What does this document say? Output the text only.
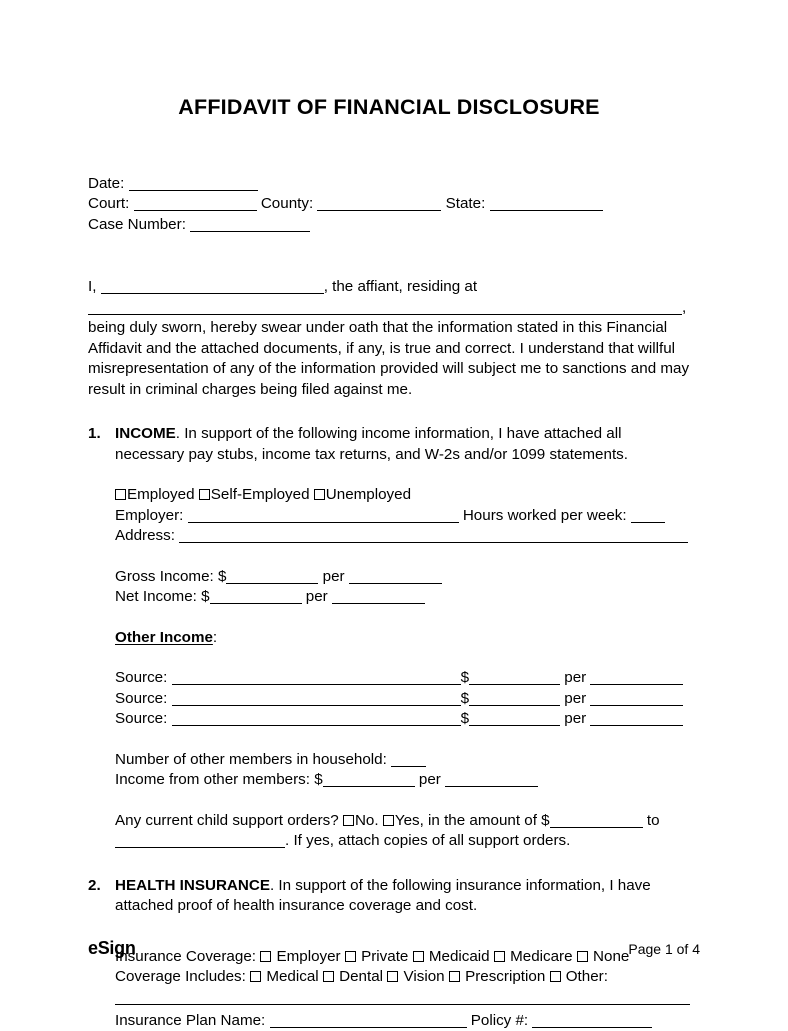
AFFIDAVIT OF FINANCIAL DISCLOSURE
Date:
Court:	County:	State:
Case Number:
I,	, the affiant, residing at
,
being duly sworn, hereby swear under oath that the information stated in this Financial Affidavit and the attached documents, if any, is true and correct. I understand that willful misrepresentation of any of the information provided will subject me to sanctions and may result in criminal charges being filed against me.
1. INCOME. In support of the following income information, I have attached all necessary pay stubs, income tax returns, and W-2s and/or 1099 statements.
Employed Self-Employed Unemployed
Employer:	Hours worked per week:
Address:
Gross Income: $	per
Net Income: $	per
Other Income:
Source:	$	per
Source:	$	per
Source:	$	per
Number of other members in household:
Income from other members: $	per
Any current child support orders? No. Yes, in the amount of $	to
. If yes, attach copies of all support orders.
2. HEALTH INSURANCE. In support of the following insurance information, I have attached proof of health insurance coverage and cost.
Insurance Coverage: Employer Private Medicaid Medicare None
Coverage Includes: Medical Dental Vision Prescription Other:
Insurance Plan Name:	Policy #:
eSign	Page 1 of 4
